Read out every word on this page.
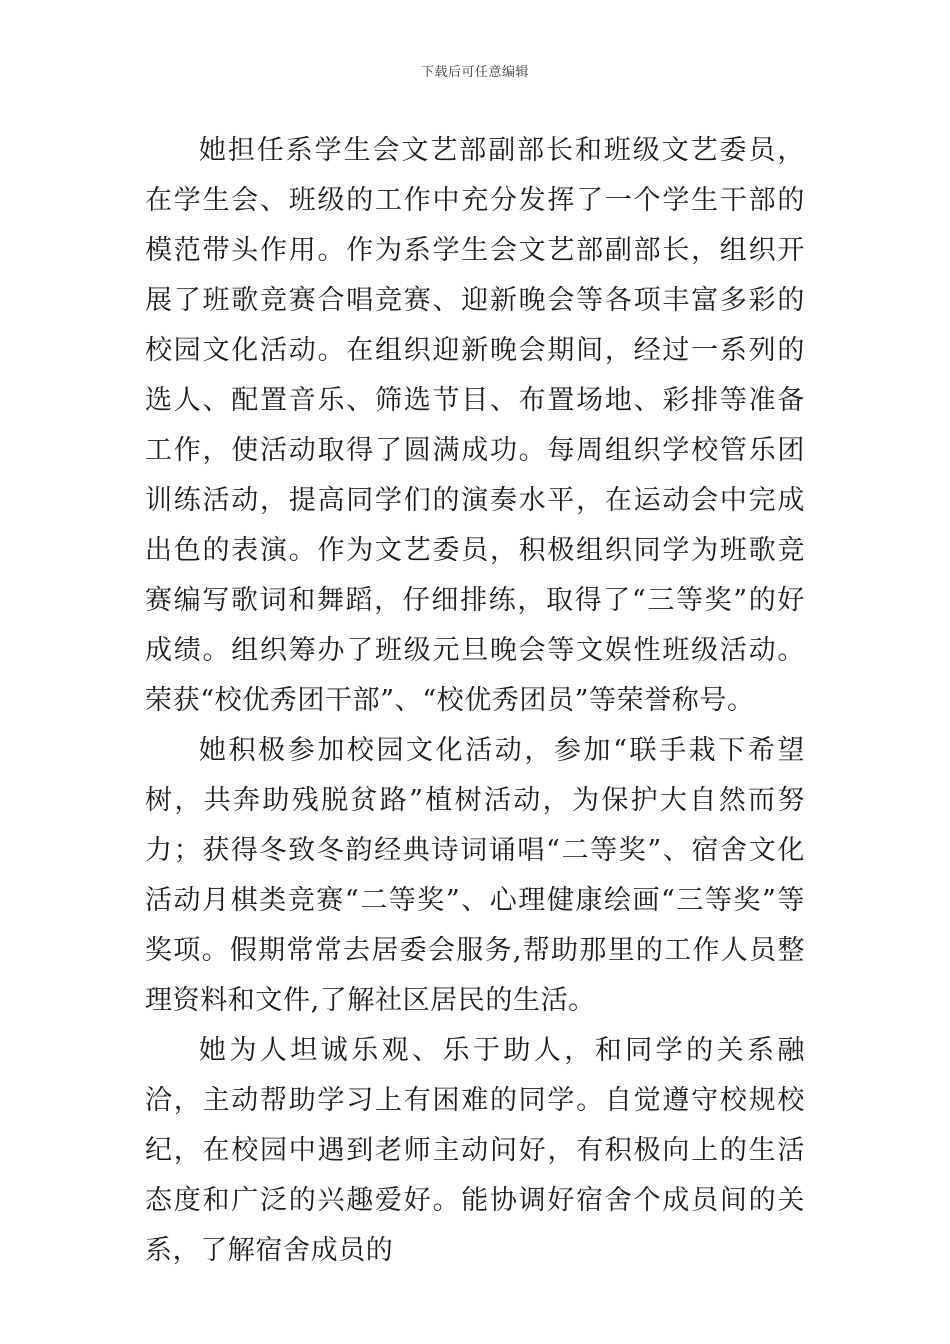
下载后可任意编辑

她担任系学生会文艺部副部长和班级文艺委员，在学生会、班级的工作中充分发挥了一个学生干部的模范带头作用。作为系学生会文艺部副部长，组织开展了班歌竞赛合唱竞赛、迎新晚会等各项丰富多彩的校园文化活动。在组织迎新晚会期间，经过一系列的选人、配置音乐、筛选节目、布置场地、彩排等准备工作，使活动取得了圆满成功。每周组织学校管乐团训练活动，提高同学们的演奏水平，在运动会中完成出色的表演。作为文艺委员，积极组织同学为班歌竞赛编写歌词和舞蹈，仔细排练，取得了“三等奖”的好成绩。组织筹办了班级元旦晚会等文娱性班级活动。荣获“校优秀团干部”、“校优秀团员”等荣誉称号。

她积极参加校园文化活动，参加“联手栽下希望树，共奔助残脱贫路”植树活动，为保护大自然而努力；获得冬致冬韵经典诗词诵唱“二等奖”、宿舍文化活动月棋类竞赛“二等奖”、心理健康绘画“三等奖”等奖项。假期常常去居委会服务,帮助那里的工作人员整理资料和文件,了解社区居民的生活。

她为人坦诚乐观、乐于助人，和同学的关系融洽，主动帮助学习上有困难的同学。自觉遵守校规校纪，在校园中遇到老师主动问好，有积极向上的生活态度和广泛的兴趣爱好。能协调好宿舍个成员间的关系，了解宿舍成员的
